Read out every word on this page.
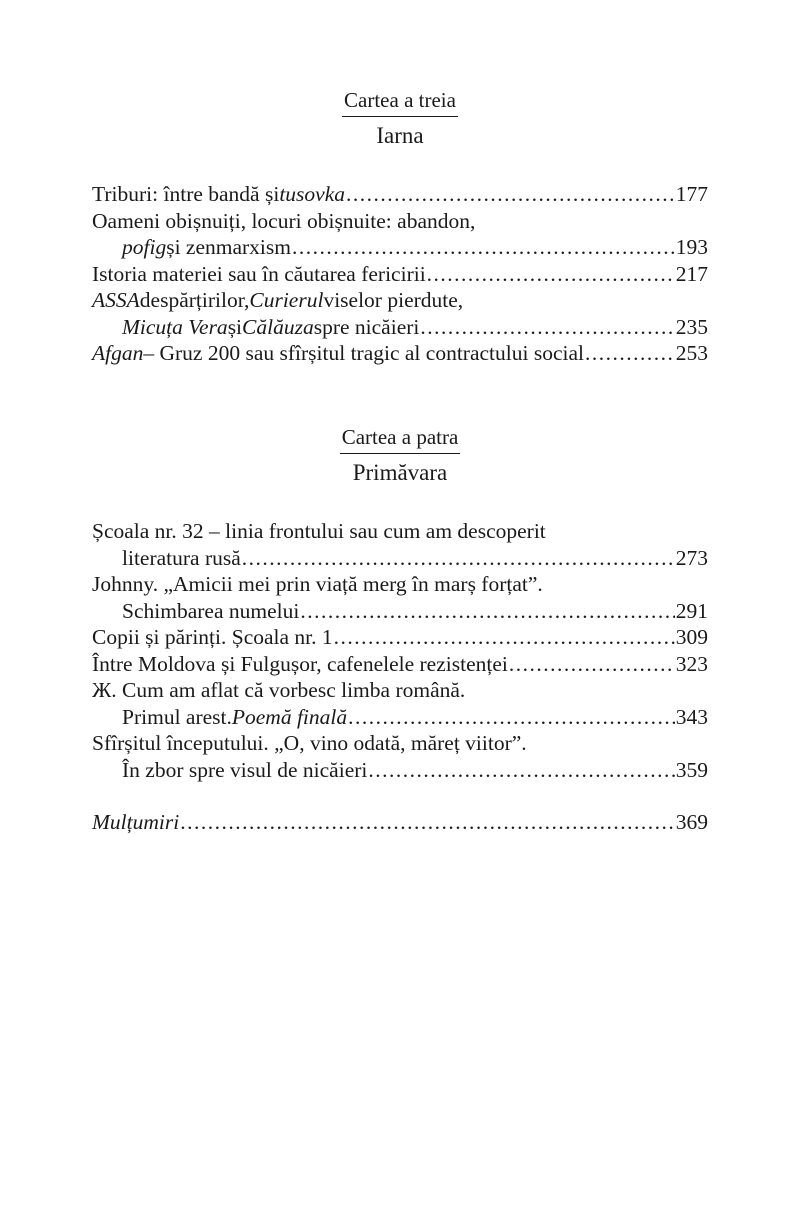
Cartea a treia
Iarna
Triburi: între bandă și tusovka .....	177
Oameni obișnuiți, locuri obișnuite: abandon,
pofig și zenmarxism .....	193
Istoria materiei sau în căutarea fericirii .....	217
ASSA despărțirilor, Curierul viselor pierdute,
Micuța Vera și Călăuza spre nicăieri .....	235
Afgan – Gruz 200 sau sfîrșitul tragic al contractului social .....	253
Cartea a patra
Primăvara
Școala nr. 32 – linia frontului sau cum am descoperit
literatura rusă .....	273
Johnny. „Amicii mei prin viață merg în marș forțat”.
Schimbarea numelui .....	291
Copii și părinți. Școala nr. 1 .....	309
Între Moldova și Fulgușor, cafenelele rezistenței .....	323
Ж. Cum am aflat că vorbesc limba română.
Primul arest. Poemă finală .....	343
Sfîrșitul începutului. „O, vino odată, măreț viitor”.
În zbor spre visul de nicăieri .....	359
Mulțumiri .....	369
